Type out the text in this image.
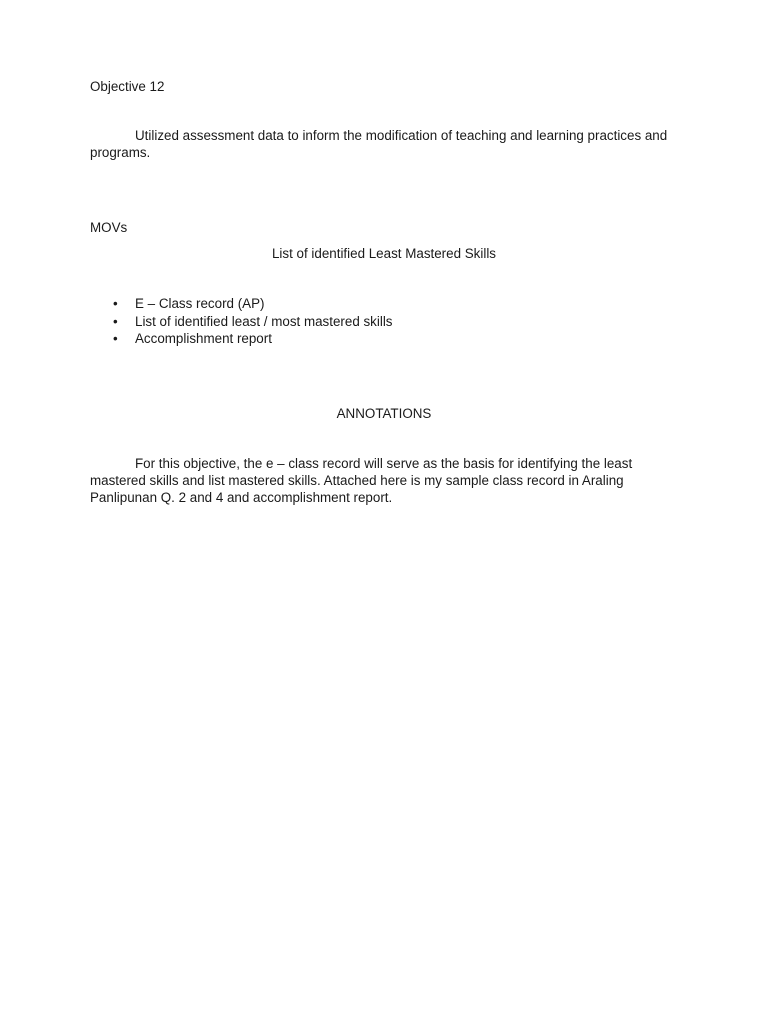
Objective 12
Utilized assessment data to inform the modification of teaching and learning practices and programs.
MOVs
List of identified Least Mastered Skills
• E – Class record (AP)
• List of identified least / most mastered skills
• Accomplishment report
ANNOTATIONS
For this objective, the e – class record will serve as the basis for identifying the least mastered skills and list mastered skills. Attached here is my sample class record in Araling Panlipunan Q. 2 and 4 and accomplishment report.
